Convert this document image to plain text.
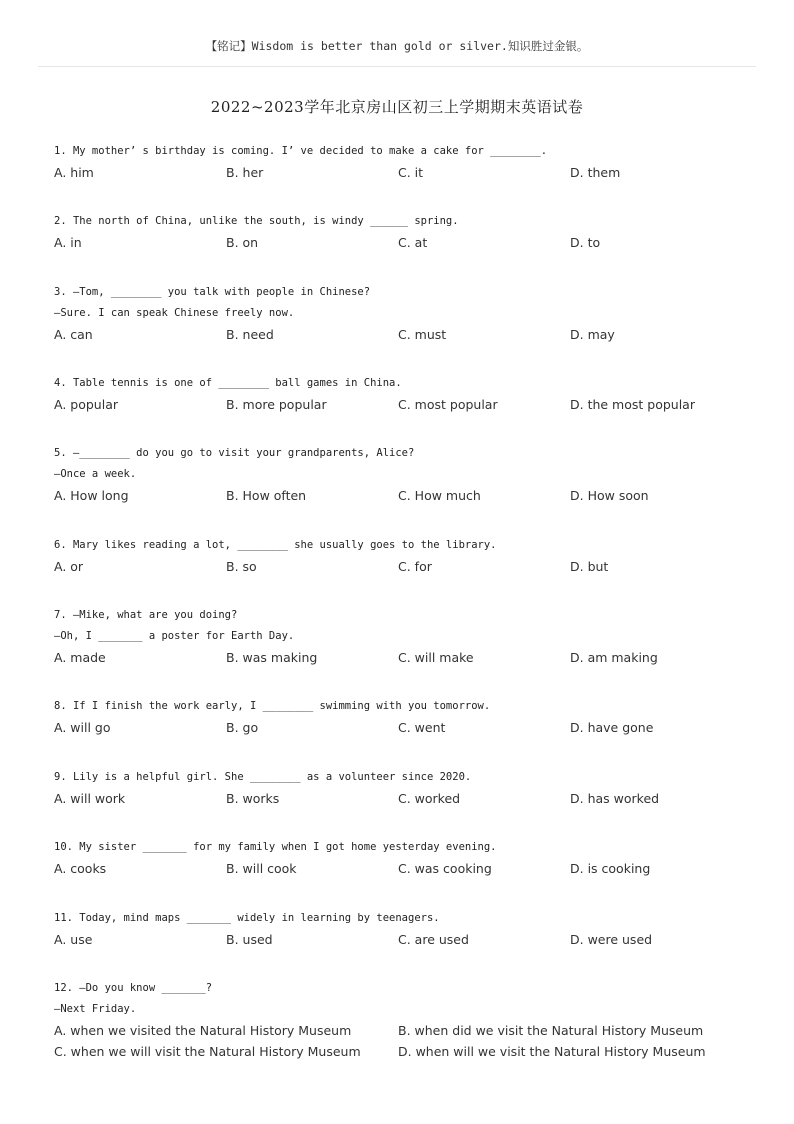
【铭记】Wisdom is better than gold or silver.知识胜过金银。
2022~2023学年北京房山区初三上学期期末英语试卷
1. My mother’ s birthday is coming. I’ ve decided to make a cake for ________.
A. him	B. her	C. it	D. them
2. The north of China, unlike the south, is windy ______ spring.
A. in	B. on	C. at	D. to
3. —Tom, ________ you talk with people in Chinese?
—Sure. I can speak Chinese freely now.
A. can	B. need	C. must	D. may
4. Table tennis is one of ________ ball games in China.
A. popular	B. more popular	C. most popular	D. the most popular
5. —________ do you go to visit your grandparents, Alice?
—Once a week.
A. How long	B. How often	C. How much	D. How soon
6. Mary likes reading a lot, ________ she usually goes to the library.
A. or	B. so	C. for	D. but
7. —Mike, what are you doing?
—Oh, I _______ a poster for Earth Day.
A. made	B. was making	C. will make	D. am making
8. If I finish the work early, I ________ swimming with you tomorrow.
A. will go	B. go	C. went	D. have gone
9. Lily is a helpful girl. She ________ as a volunteer since 2020.
A. will work	B. works	C. worked	D. has worked
10. My sister _______ for my family when I got home yesterday evening.
A. cooks	B. will cook	C. was cooking	D. is cooking
11. Today, mind maps _______ widely in learning by teenagers.
A. use	B. used	C. are used	D. were used
12. —Do you know _______?
—Next Friday.
A. when we visited the Natural History Museum	B. when did we visit the Natural History Museum
C. when we will visit the Natural History Museum	D. when will we visit the Natural History Museum
